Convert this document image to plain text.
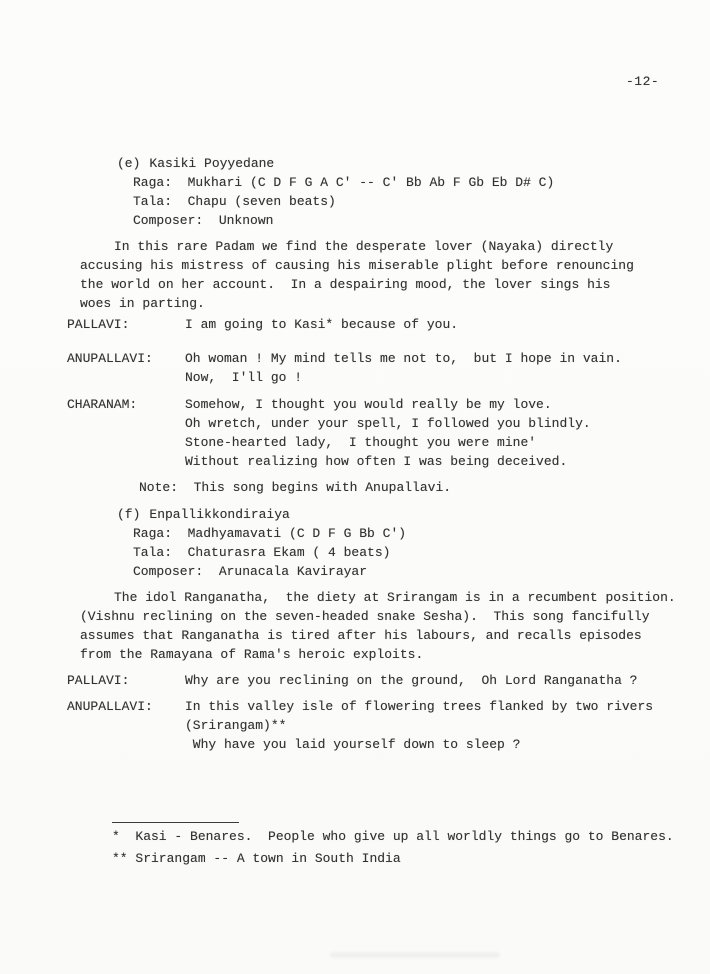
-12-
(e) Kasiki Poyyedane
Raga:  Mukhari (C D F G A C' -- C' Bb Ab F Gb Eb D# C)
Tala:  Chapu (seven beats)
Composer:  Unknown
In this rare Padam we find the desperate lover (Nayaka) directly
accusing his mistress of causing his miserable plight before renouncing
the world on her account.  In a despairing mood, the lover sings his
woes in parting.
PALLAVI:	I am going to Kasi* because of you.
ANUPALLAVI:	Oh woman ! My mind tells me not to,  but I hope in vain.
Now,  I'll go !
CHARANAM:	Somehow, I thought you would really be my love.
Oh wretch, under your spell, I followed you blindly.
Stone-hearted lady,  I thought you were mine'
Without realizing how often I was being deceived.
Note:  This song begins with Anupallavi.
(f) Enpallikkondiraiya
Raga:  Madhyamavati (C D F G Bb C')
Tala:  Chaturasra Ekam ( 4 beats)
Composer:  Arunacala Kavirayar
The idol Ranganatha,  the diety at Srirangam is in a recumbent position.
(Vishnu reclining on the seven-headed snake Sesha).  This song fancifully
assumes that Ranganatha is tired after his labours, and recalls episodes
from the Ramayana of Rama's heroic exploits.
PALLAVI:	Why are you reclining on the ground,  Oh Lord Ranganatha ?
ANUPALLAVI:	In this valley isle of flowering trees flanked by two rivers
(Srirangam)**
Why have you laid yourself down to sleep ?
*  Kasi - Benares.  People who give up all worldly things go to Benares.
** Srirangam -- A town in South India
